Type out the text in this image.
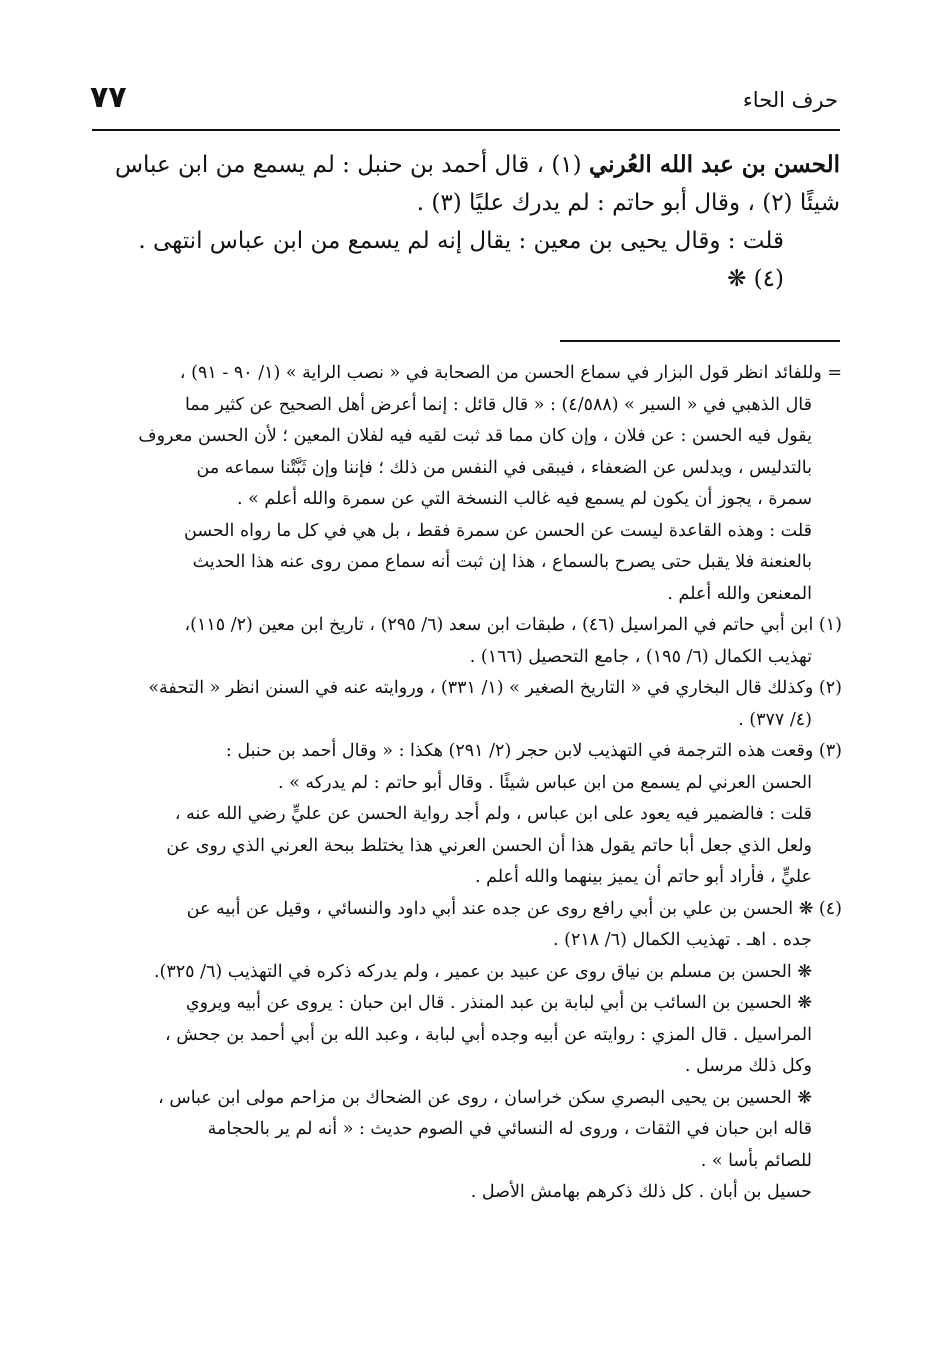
٧٧	حرف الحاء

الحسن بن عبد الله العُرني (١) ، قال أحمد بن حنبل : لم يسمع من ابن عباس

شيئًا (٢) ، وقال أبو حاتم : لم يدرك عليًا (٣) .

قلت : وقال يحيى بن معين : يقال إنه لم يسمع من ابن عباس انتهى .

(٤) ❋

= وللفائد انظر قول البزار في سماع الحسن من الصحابة في « نصب الراية » (١/ ٩٠ - ٩١) ،

قال الذهبي في « السير » (٤/٥٨٨) : « قال قائل : إنما أعرض أهل الصحيح عن كثير مما

يقول فيه الحسن : عن فلان ، وإن كان مما قد ثبت لقيه فيه لفلان المعين ؛ لأن الحسن معروف

بالتدليس ، ويدلس عن الضعفاء ، فيبقى في النفس من ذلك ؛ فإننا وإن ثَبَّتْنا سماعه من

سمرة ، يجوز أن يكون لم يسمع فيه غالب النسخة التي عن سمرة والله أعلم » .

قلت : وهذه القاعدة ليست عن الحسن عن سمرة فقط ، بل هي في كل ما رواه الحسن

بالعنعنة فلا يقبل حتى يصرح بالسماع ، هذا إن ثبت أنه سماع ممن روى عنه هذا الحديث

المعنعن والله أعلم .

(١) ابن أبي حاتم في المراسيل (٤٦) ، طبقات ابن سعد (٦/ ٢٩٥) ، تاريخ ابن معين (٢/ ١١٥)،

تهذيب الكمال (٦/ ١٩٥) ، جامع التحصيل (١٦٦) .

(٢) وكذلك قال البخاري في « التاريخ الصغير » (١/ ٣٣١) ، وروايته عنه في السنن انظر « التحفة»

(٤/ ٣٧٧) .

(٣) وقعت هذه الترجمة في التهذيب لابن حجر (٢/ ٢٩١) هكذا : « وقال أحمد بن حنبل :

الحسن العرني لم يسمع من ابن عباس شيئًا . وقال أبو حاتم : لم يدركه » .

قلت : فالضمير فيه يعود على ابن عباس ، ولم أجد رواية الحسن عن عليٍّ رضي الله عنه ،

ولعل الذي جعل أبا حاتم يقول هذا أن الحسن العرني هذا يختلط ببحة العرني الذي روى عن

عليٍّ ، فأراد أبو حاتم أن يميز بينهما والله أعلم .

(٤) ❋ الحسن بن علي بن أبي رافع روى عن جده عند أبي داود والنسائي ، وقيل عن أبيه عن

جده . اهـ . تهذيب الكمال (٦/ ٢١٨) .

❋ الحسن بن مسلم بن نياق روى عن عبيد بن عمير ، ولم يدركه ذكره في التهذيب (٦/ ٣٢٥).

❋ الحسين بن السائب بن أبي لبابة بن عبد المنذر . قال ابن حبان : يروى عن أبيه ويروي

المراسيل . قال المزي : روايته عن أبيه وجده أبي لبابة ، وعبد الله بن أبي أحمد بن جحش ،

وكل ذلك مرسل .

❋ الحسين بن يحيى البصري سكن خراسان ، روى عن الضحاك بن مزاحم مولى ابن عباس ،

قاله ابن حبان في الثقات ، وروى له النسائي في الصوم حديث : « أنه لم ير بالحجامة

للصائم بأسا » .

حسيل بن أبان . كل ذلك ذكرهم بهامش الأصل .
